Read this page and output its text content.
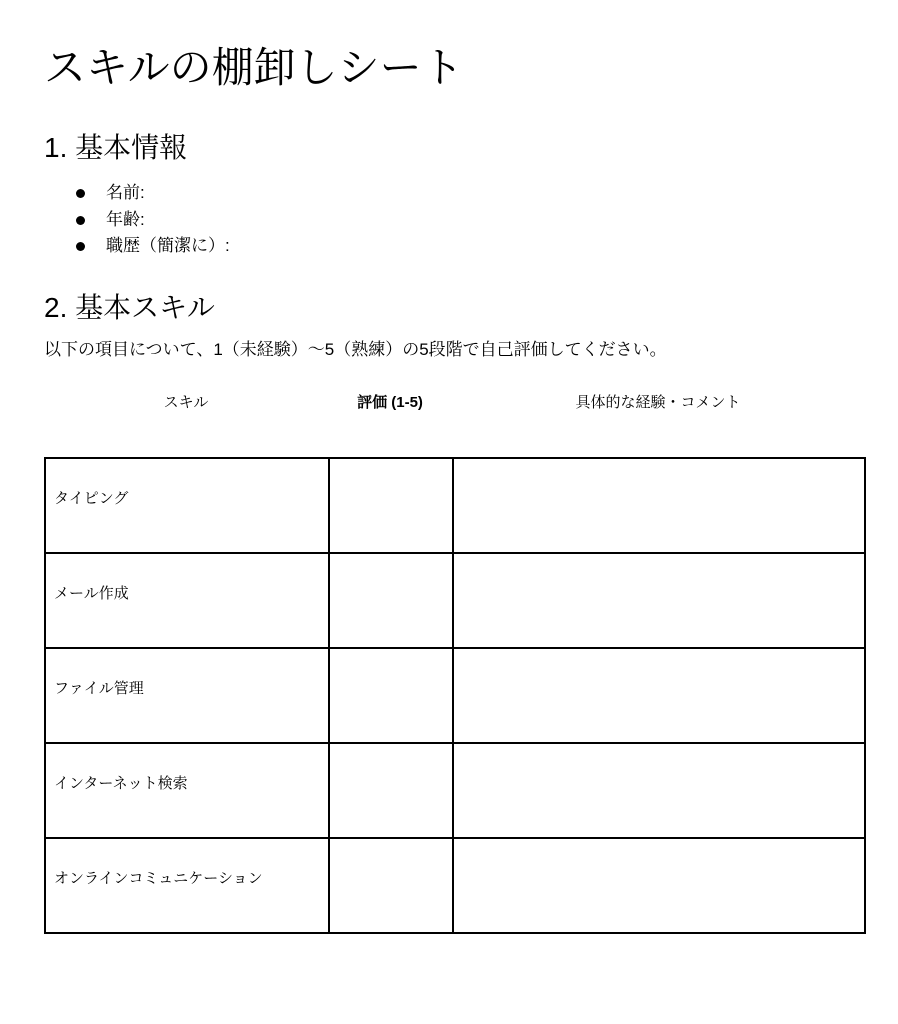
スキルの棚卸しシート
1. 基本情報
名前:
年齢:
職歴（簡潔に）:
2. 基本スキル

以下の項目について、1（未経験）〜5（熟練）の5段階で自己評価してください。

スキル	評価 (1-5)	具体的な経験・コメント
タイピング		
メール作成		
ファイル管理		
インターネット検索		
オンラインコミュニケーション		
